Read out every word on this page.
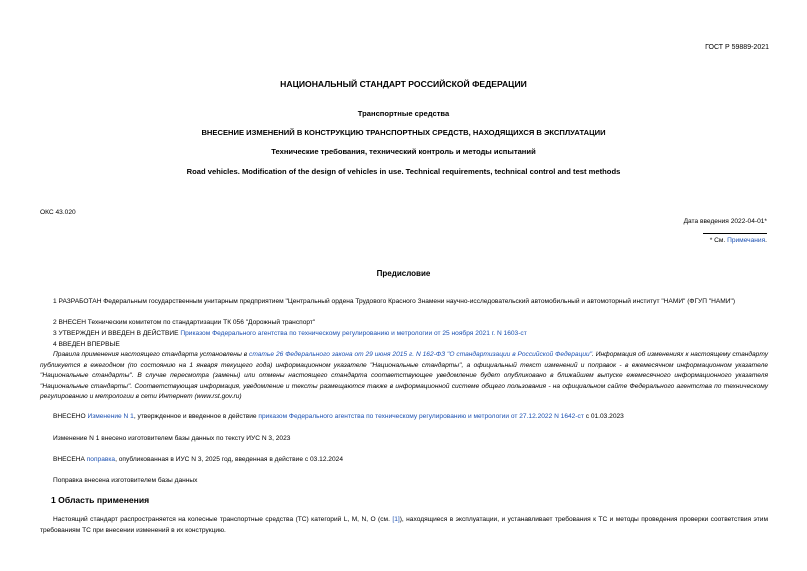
ГОСТ Р 59889-2021
НАЦИОНАЛЬНЫЙ СТАНДАРТ РОССИЙСКОЙ ФЕДЕРАЦИИ
Транспортные средства
ВНЕСЕНИЕ ИЗМЕНЕНИЙ В КОНСТРУКЦИЮ ТРАНСПОРТНЫХ СРЕДСТВ, НАХОДЯЩИХСЯ В ЭКСПЛУАТАЦИИ
Технические требования, технический контроль и методы испытаний
Road vehicles. Modification of the design of vehicles in use. Technical requirements, technical control and test methods
ОКС 43.020
Дата введения 2022-04-01*
* См. Примечания.
Предисловие
1 РАЗРАБОТАН Федеральным государственным унитарным предприятием "Центральный ордена Трудового Красного Знамени научно-исследовательский автомобильный и автомоторный институт "НАМИ" (ФГУП "НАМИ")
2 ВНЕСЕН Техническим комитетом по стандартизации ТК 056 "Дорожный транспорт"
3 УТВЕРЖДЕН И ВВЕДЕН В ДЕЙСТВИЕ Приказом Федерального агентства по техническому регулированию и метрологии от 25 ноября 2021 г. N 1603-ст
4 ВВЕДЕН ВПЕРВЫЕ
Правила применения настоящего стандарта установлены в статье 26 Федерального закона от 29 июня 2015 г. N 162-ФЗ "О стандартизации в Российской Федерации". Информация об изменениях к настоящему стандарту публикуется в ежегодном (по состоянию на 1 января текущего года) информационном указателе "Национальные стандарты", а официальный текст изменений и поправок - в ежемесячном информационном указателе "Национальные стандарты". В случае пересмотра (замены) или отмены настоящего стандарта соответствующее уведомление будет опубликовано в ближайшем выпуске ежемесячного информационного указателя "Национальные стандарты". Соответствующая информация, уведомление и тексты размещаются также в информационной системе общего пользования - на официальном сайте Федерального агентства по техническому регулированию и метрологии в сети Интернет (www.rst.gov.ru)
ВНЕСЕНО Изменение N 1, утвержденное и введенное в действие приказом Федерального агентства по техническому регулированию и метрологии от 27.12.2022 N 1642-ст с 01.03.2023
Изменение N 1 внесено изготовителем базы данных по тексту ИУС N 3, 2023
ВНЕСЕНА поправка, опубликованная в ИУС N 3, 2025 год, введенная в действие с 03.12.2024
Поправка внесена изготовителем базы данных
1 Область применения
Настоящий стандарт распространяется на колесные транспортные средства (ТС) категорий L, M, N, O (см. [1]), находящиеся в эксплуатации, и устанавливает требования к ТС и методы проведения проверки соответствия этим требованиям ТС при внесении изменений в их конструкцию.
